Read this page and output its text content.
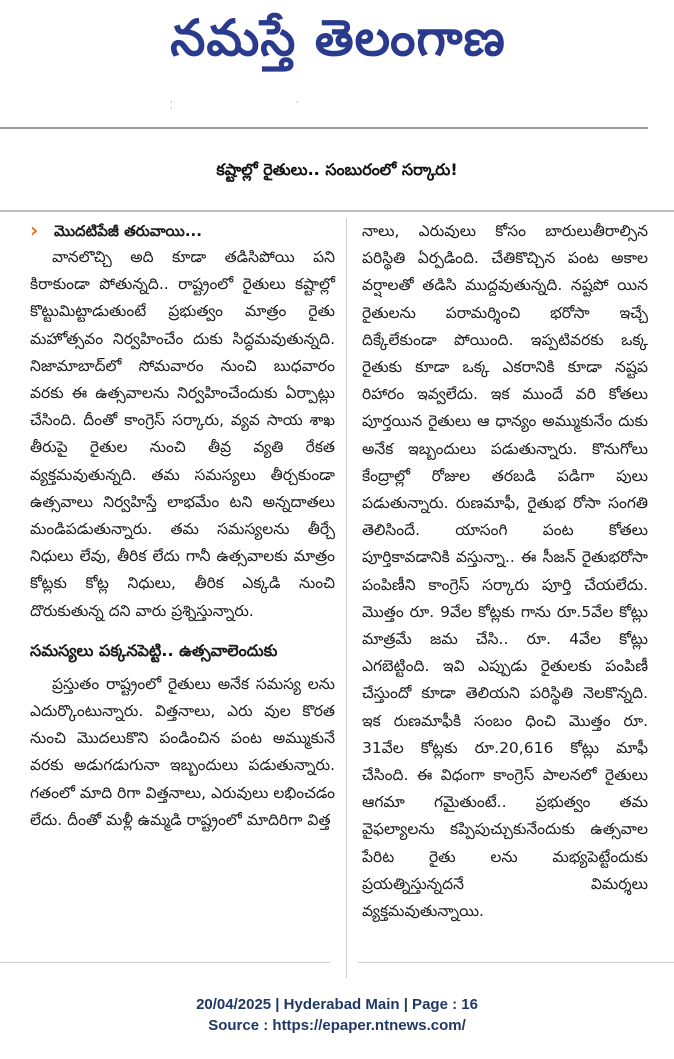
నమస్తే తెలంగాణ
· · ·
కష్టాల్లో రైతులు.. సంబురంలో సర్కారు!
› మొదటిపేజీ తరువాయి...

వానలొచ్చి అది కూడా తడిసిపోయి పని కిరాకుండా పోతున్నది.. రాష్ట్రంలో రైతులు కష్టాల్లో కొట్టుమిట్టాడుతుంటే ప్రభుత్వం మాత్రం రైతు మహోత్సవం నిర్వహించేం దుకు సిద్ధమవుతున్నది. నిజామాబాద్‌లో సోమవారం నుంచి బుధవారం వరకు ఈ ఉత్సవాలను నిర్వహించేందుకు ఏర్పాట్లు చేసింది. దీంతో కాంగ్రెస్ సర్కారు, వ్యవ సాయ శాఖ తీరుపై రైతుల నుంచి తీవ్ర వ్యతి రేకత వ్యక్తమవుతున్నది. తమ సమస్యలు తీర్చకుండా ఉత్సవాలు నిర్వహిస్తే లాభమేం టని అన్నదాతలు మండిపడుతున్నారు. తమ సమస్యలను తీర్చే నిధులు లేవు, తీరిక లేదు గానీ ఉత్సవాలకు మాత్రం కోట్లకు కోట్ల నిధులు, తీరిక ఎక్కడి నుంచి దొరుకుతున్న దని వారు ప్రశ్నిస్తున్నారు.

సమస్యలు పక్కనపెట్టి.. ఉత్సవాలెందుకు

ప్రస్తుతం రాష్ట్రంలో రైతులు అనేక సమస్య లను ఎదుర్కొంటున్నారు. విత్తనాలు, ఎరు వుల కొరత నుంచి మొదలుకొని పండించిన పంట అమ్ముకునే వరకు అడుగడుగునా ఇబ్బందులు పడుతున్నారు. గతంలో మాది రిగా విత్తనాలు, ఎరువులు లభించడం లేదు. దీంతో మళ్లీ ఉమ్మడి రాష్ట్రంలో మాదిరిగా విత్త

నాలు, ఎరువులు కోసం బారులుతీరాల్సిన పరిస్థితి ఏర్పడింది. చేతికొచ్చిన పంట అకాల వర్షాలతో తడిసి ముద్దవుతున్నది. నష్టపో యిన రైతులను పరామర్శించి భరోసా ఇచ్చే దిక్కేలేకుండా పోయింది. ఇప్పటివరకు ఒక్క రైతుకు కూడా ఒక్క ఎకరానికి కూడా నష్టప రిహారం ఇవ్వలేదు. ఇక ముందే వరి కోతలు పూర్తయిన రైతులు ఆ ధాన్యం అమ్ముకునేం దుకు అనేక ఇబ్బందులు పడుతున్నారు. కొనుగోలు కేంద్రాల్లో రోజుల తరబడి పడిగా పులు పడుతున్నారు. రుణమాఫీ, రైతుభ రోసా సంగతి తెలిసిందే. యాసంగి పంట కోతలు పూర్తికావడానికి వస్తున్నా.. ఈ సీజన్ రైతుభరోసా పంపిణీని కాంగ్రెస్ సర్కారు పూర్తి చేయలేదు. మొత్తం రూ. 9వేల కోట్లకు గాను రూ.5వేల కోట్లు మాత్రమే జమ చేసి.. రూ. 4వేల కోట్లు ఎగబెట్టింది. ఇవి ఎప్పుడు రైతులకు పంపిణీ చేస్తుందో కూడా తెలియని పరిస్థితి నెలకొన్నది. ఇక రుణమాఫీకి సంబం ధించి మొత్తం రూ. 31వేల కోట్లకు రూ.20,616 కోట్లు మాఫీ చేసింది. ఈ విధంగా కాంగ్రెస్ పాలనలో రైతులు ఆగమా గమైతుంటే.. ప్రభుత్వం తమ వైఫల్యాలను కప్పిపుచ్చుకునేందుకు ఉత్సవాల పేరిట రైతు లను మభ్యపెట్టేందుకు ప్రయత్నిస్తున్నదనే విమర్శలు వ్యక్తమవుతున్నాయి.

20/04/2025 | Hyderabad Main | Page : 16
Source : https://epaper.ntnews.com/
